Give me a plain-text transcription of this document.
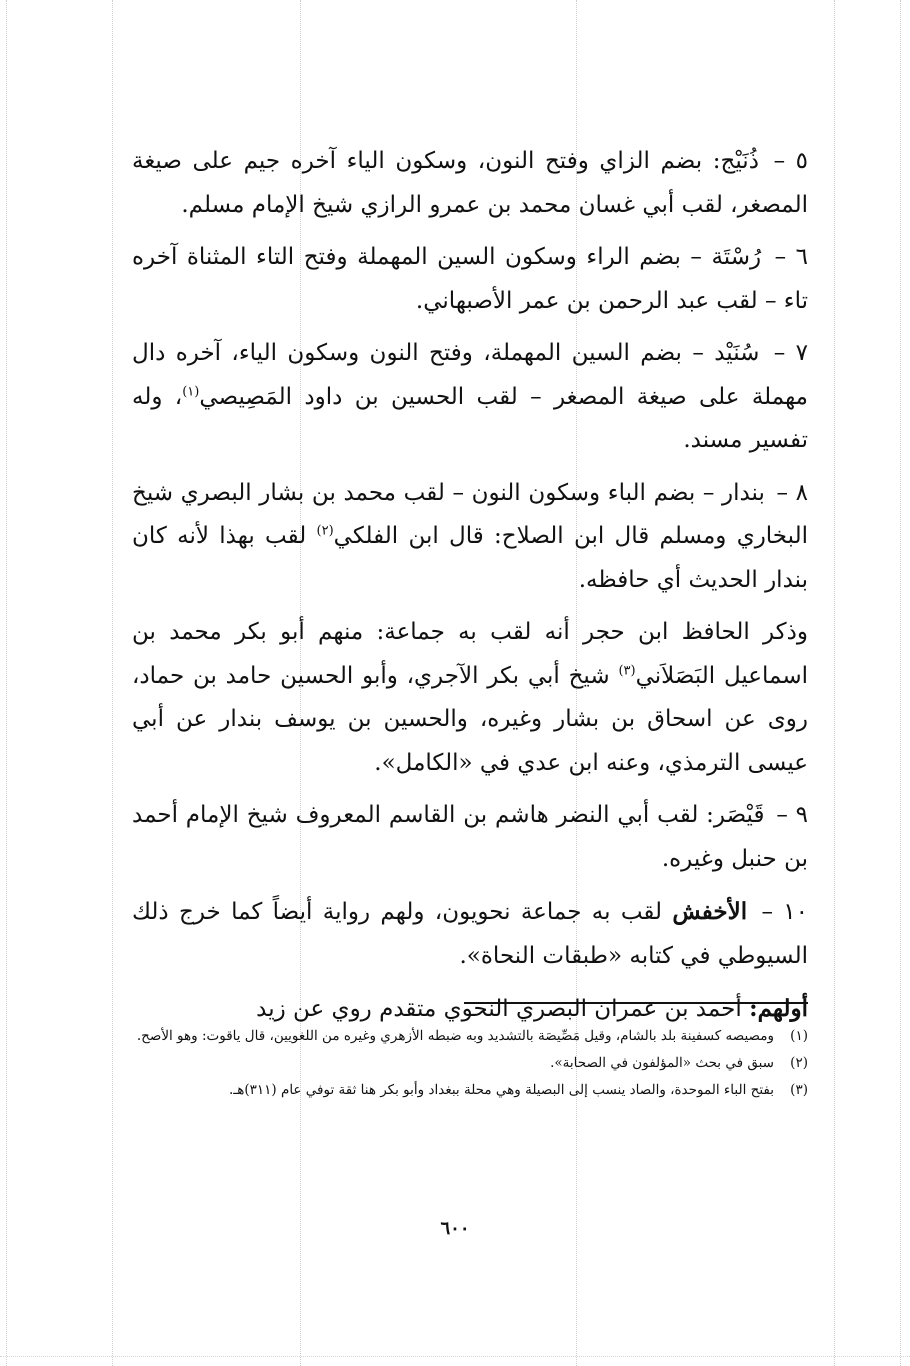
٥ – ذُنَيْج: بضم الزاي وفتح النون، وسكون الياء آخره جيم على صيغة المصغر، لقب أبي غسان محمد بن عمرو الرازي شيخ الإمام مسلم.

٦ – رُسْتَة – بضم الراء وسكون السين المهملة وفتح التاء المثناة آخره تاء – لقب عبد الرحمن بن عمر الأصبهاني.

٧ – سُنَيْد – بضم السين المهملة، وفتح النون وسكون الياء، آخره دال مهملة على صيغة المصغر – لقب الحسين بن داود المَصِيصي$^{(١)}$، وله تفسير مسند.

٨ – بندار – بضم الباء وسكون النون – لقب محمد بن بشار البصري شيخ البخاري ومسلم قال ابن الصلاح: قال ابن الفلكي$^{(٢)}$ لقب بهذا لأنه كان بندار الحديث أي حافظه.

وذكر الحافظ ابن حجر أنه لقب به جماعة: منهم أبو بكر محمد بن اسماعيل البَصَلاَني$^{(٣)}$ شيخ أبي بكر الآجري، وأبو الحسين حامد بن حماد، روى عن اسحاق بن بشار وغيره، والحسين بن يوسف بندار عن أبي عيسى الترمذي، وعنه ابن عدي في «الكامل».

٩ – قَيْصَر: لقب أبي النضر هاشم بن القاسم المعروف شيخ الإمام أحمد بن حنبل وغيره.

١٠ – الأخفش لقب به جماعة نحويون، ولهم رواية أيضاً كما خرج ذلك السيوطي في كتابه «طبقات النحاة».

أولهم: أحمد بن عمران البصري النحوي متقدم روي عن زيد

(١)
ومصيصه كسفينة بلد بالشام، وقيل مَصِّيصَة بالتشديد وبه ضبطه الأزهري وغيره من اللغويين، قال ياقوت: وهو الأصح.
(٢)
سبق في بحث «المؤلفون في الصحابة».
(٣)
بفتح الباء الموحدة، والصاد ينسب إلى البصيلة وهي محلة ببغداد وأبو بكر هنا ثقة توفي عام (٣١١)هـ.
٦٠٠
